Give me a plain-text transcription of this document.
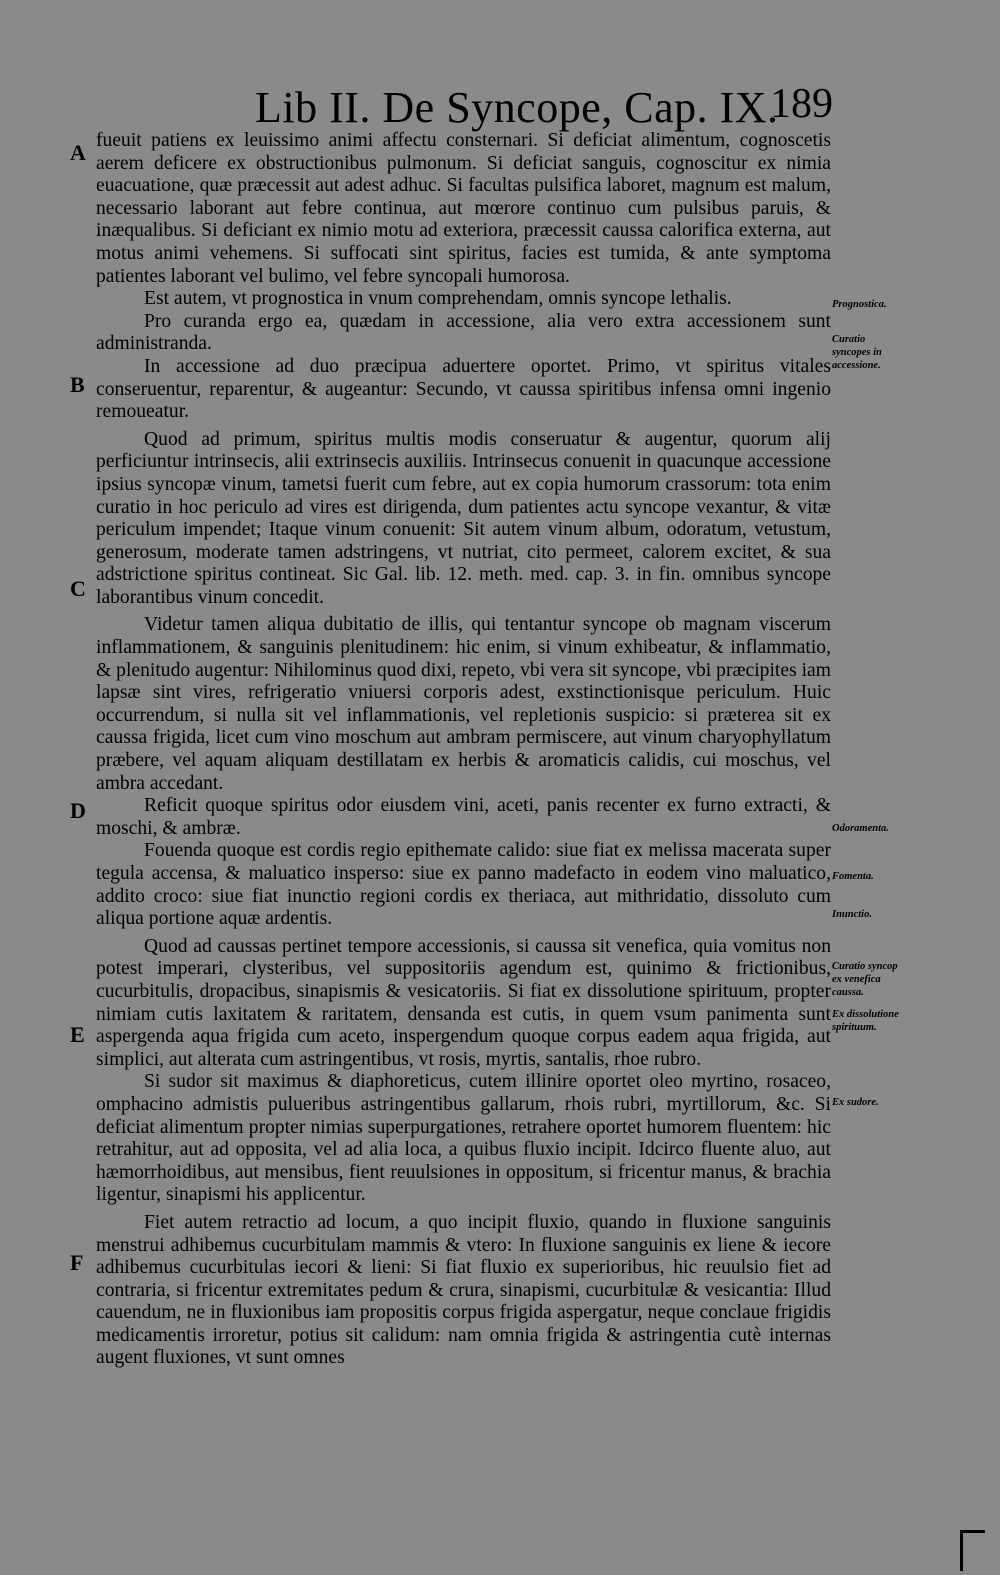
Lib II. De Syncope, Cap. IX.
189
A
B
C
D
E
F

fueuit patiens ex leuissimo animi affectu consternari. Si deficiat alimentum, cognoscetis aerem deficere ex obstructionibus pulmonum. Si deficiat sanguis, cognoscitur ex nimia euacuatione, quæ præcessit aut adest adhuc. Si facultas pulsifica laboret, magnum est malum, necessario laborant aut febre continua, aut mœrore continuo cum pulsibus paruis, & inæqualibus. Si deficiant ex nimio motu ad exteriora, præcessit caussa calorifica externa, aut motus animi vehemens. Si suffocati sint spiritus, facies est tumida, & ante symptoma patientes laborant vel bulimo, vel febre syncopali humorosa.

Est autem, vt prognostica in vnum comprehendam, omnis syncope lethalis.

Pro curanda ergo ea, quædam in accessione, alia vero extra accessionem sunt administranda.

In accessione ad duo præcipua aduertere oportet. Primo, vt spiritus vitales conseruentur, reparentur, & augeantur: Secundo, vt caussa spiritibus infensa omni ingenio remoueatur.

Quod ad primum, spiritus multis modis conseruatur & augentur, quorum alij perficiuntur intrinsecis, alii extrinsecis auxiliis. Intrinsecus conuenit in quacunque accessione ipsius syncopæ vinum, tametsi fuerit cum febre, aut ex copia humorum crassorum: tota enim curatio in hoc periculo ad vires est dirigenda, dum patientes actu syncope vexantur, & vitæ periculum impendet; Itaque vinum conuenit: Sit autem vinum album, odoratum, vetustum, generosum, moderate tamen adstringens, vt nutriat, cito permeet, calorem excitet, & sua adstrictione spiritus contineat. Sic Gal. lib. 12. meth. med. cap. 3. in fin. omnibus syncope laborantibus vinum concedit.

Videtur tamen aliqua dubitatio de illis, qui tentantur syncope ob magnam viscerum inflammationem, & sanguinis plenitudinem: hic enim, si vinum exhibeatur, & inflammatio, & plenitudo augentur: Nihilominus quod dixi, repeto, vbi vera sit syncope, vbi præcipites iam lapsæ sint vires, refrigeratio vniuersi corporis adest, exstinctionisque periculum. Huic occurrendum, si nulla sit vel inflammationis, vel repletionis suspicio: si præterea sit ex caussa frigida, licet cum vino moschum aut ambram permiscere, aut vinum charyophyllatum præbere, vel aquam aliquam destillatam ex herbis & aromaticis calidis, cui moschus, vel ambra accedant.

Reficit quoque spiritus odor eiusdem vini, aceti, panis recenter ex furno extracti, & moschi, & ambræ.

Fouenda quoque est cordis regio epithemate calido: siue fiat ex melissa macerata super tegula accensa, & maluatico insperso: siue ex panno madefacto in eodem vino maluatico, addito croco: siue fiat inunctio regioni cordis ex theriaca, aut mithridatio, dissoluto cum aliqua portione aquæ ardentis.

Quod ad caussas pertinet tempore accessionis, si caussa sit venefica, quia vomitus non potest imperari, clysteribus, vel suppositoriis agendum est, quinimo & frictionibus, cucurbitulis, dropacibus, sinapismis & vesicatoriis. Si fiat ex dissolutione spirituum, propter nimiam cutis laxitatem & raritatem, densanda est cutis, in quem vsum panimenta sunt aspergenda aqua frigida cum aceto, inspergendum quoque corpus eadem aqua frigida, aut simplici, aut alterata cum astringentibus, vt rosis, myrtis, santalis, rhoe rubro.

Si sudor sit maximus & diaphoreticus, cutem illinire oportet oleo myrtino, rosaceo, omphacino admistis pulueribus astringentibus gallarum, rhois rubri, myrtillorum, &c. Si deficiat alimentum propter nimias superpurgationes, retrahere oportet humorem fluentem: hic retrahitur, aut ad opposita, vel ad alia loca, a quibus fluxio incipit. Idcirco fluente aluo, aut hæmorrhoidibus, aut mensibus, fient reuulsiones in oppositum, si fricentur manus, & brachia ligentur, sinapismi his applicentur.

Fiet autem retractio ad locum, a quo incipit fluxio, quando in fluxione sanguinis menstrui adhibemus cucurbitulam mammis & vtero: In fluxione sanguinis ex liene & iecore adhibemus cucurbitulas iecori & lieni: Si fiat fluxio ex superioribus, hic reuulsio fiet ad contraria, si fricentur extremitates pedum & crura, sinapismi, cucurbitulæ & vesicantia: Illud cauendum, ne in fluxionibus iam propositis corpus frigida aspergatur, neque conclaue frigidis medicamentis irroretur, potius sit calidum: nam omnia frigida & astringentia cutè internas augent fluxiones, vt sunt omnes

Prognostica.
Curatio syncopes in accessione.
Odoramenta.
Fomenta.
Inunctio.
Curatio syncop ex venefica caussa.
Ex dissolutione spirituum.
Ex sudore.
